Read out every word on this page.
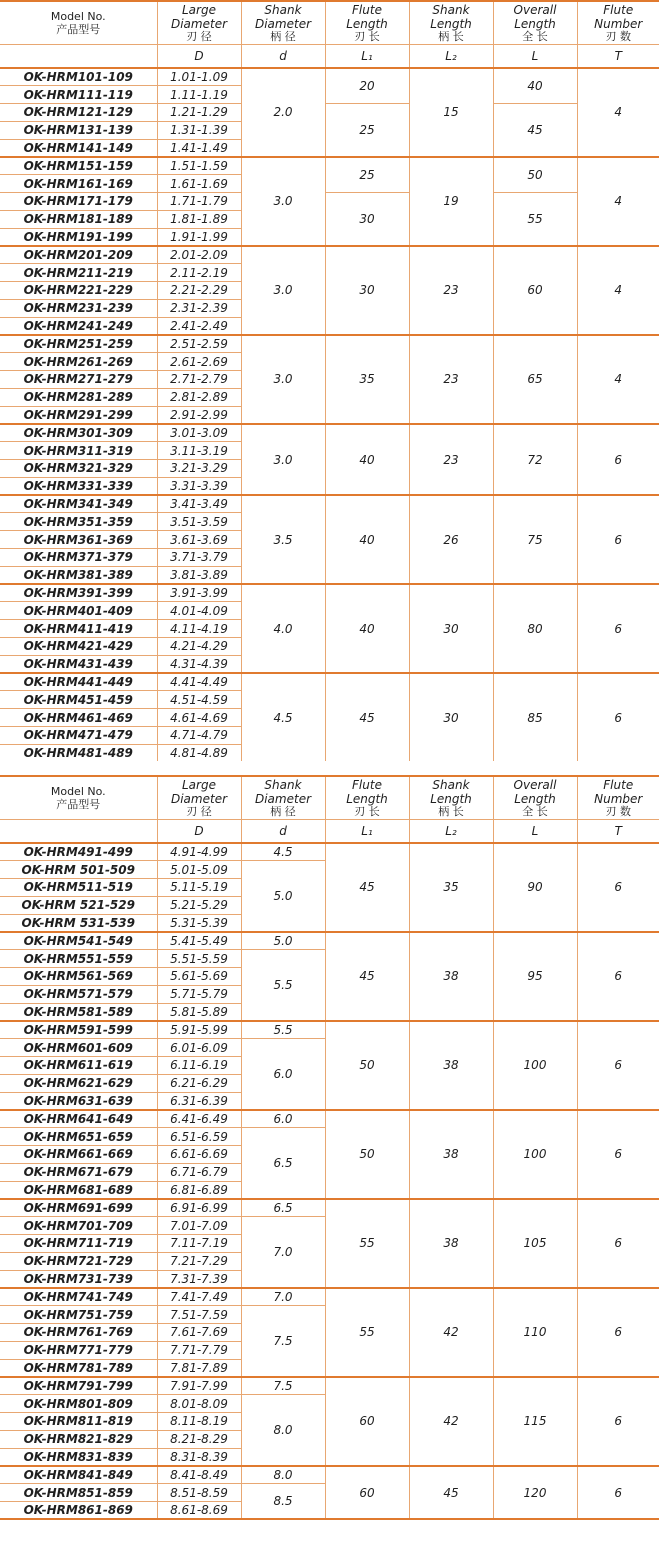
Model No.
产品型号	Large
Diameter
刃 径	Shank
Diameter
柄 径	Flute
Length
刃 长	Shank
Length
柄 长	Overall
Length
全 长	Flute
Number
刃 数

	D	d	L₁	L₂	L	T
OK-HRM101-109	1.01-1.09	2.0	20	15	40	4
OK-HRM111-119	1.11-1.19					
OK-HRM121-129	1.21-1.29		25		45	
OK-HRM131-139	1.31-1.39					
OK-HRM141-149	1.41-1.49					
OK-HRM151-159	1.51-1.59	3.0	25	19	50	4
OK-HRM161-169	1.61-1.69					
OK-HRM171-179	1.71-1.79		30		55	
OK-HRM181-189	1.81-1.89					
OK-HRM191-199	1.91-1.99					
OK-HRM201-209	2.01-2.09	3.0	30	23	60	4
OK-HRM211-219	2.11-2.19					
OK-HRM221-229	2.21-2.29					
OK-HRM231-239	2.31-2.39					
OK-HRM241-249	2.41-2.49					
OK-HRM251-259	2.51-2.59	3.0	35	23	65	4
OK-HRM261-269	2.61-2.69					
OK-HRM271-279	2.71-2.79					
OK-HRM281-289	2.81-2.89					
OK-HRM291-299	2.91-2.99					
OK-HRM301-309	3.01-3.09	3.0	40	23	72	6
OK-HRM311-319	3.11-3.19					
OK-HRM321-329	3.21-3.29					
OK-HRM331-339	3.31-3.39					
OK-HRM341-349	3.41-3.49	3.5	40	26	75	6
OK-HRM351-359	3.51-3.59					
OK-HRM361-369	3.61-3.69					
OK-HRM371-379	3.71-3.79					
OK-HRM381-389	3.81-3.89					
OK-HRM391-399	3.91-3.99	4.0	40	30	80	6
OK-HRM401-409	4.01-4.09					
OK-HRM411-419	4.11-4.19					
OK-HRM421-429	4.21-4.29					
OK-HRM431-439	4.31-4.39					
OK-HRM441-449	4.41-4.49	4.5	45	30	85	6
OK-HRM451-459	4.51-4.59					
OK-HRM461-469	4.61-4.69					
OK-HRM471-479	4.71-4.79					
OK-HRM481-489	4.81-4.89					
Model No.
产品型号	Large
Diameter
刃 径	Shank
Diameter
柄 径	Flute
Length
刃 长	Shank
Length
柄 长	Overall
Length
全 长	Flute
Number
刃 数

	D	d	L₁	L₂	L	T
OK-HRM491-499	4.91-4.99	4.5	45	35	90	6
OK-HRM 501-509	5.01-5.09	5.0				
OK-HRM511-519	5.11-5.19					
OK-HRM 521-529	5.21-5.29					
OK-HRM 531-539	5.31-5.39					
OK-HRM541-549	5.41-5.49	5.0	45	38	95	6
OK-HRM551-559	5.51-5.59	5.5				
OK-HRM561-569	5.61-5.69					
OK-HRM571-579	5.71-5.79					
OK-HRM581-589	5.81-5.89					
OK-HRM591-599	5.91-5.99	5.5	50	38	100	6
OK-HRM601-609	6.01-6.09	6.0				
OK-HRM611-619	6.11-6.19					
OK-HRM621-629	6.21-6.29					
OK-HRM631-639	6.31-6.39					
OK-HRM641-649	6.41-6.49	6.0	50	38	100	6
OK-HRM651-659	6.51-6.59	6.5				
OK-HRM661-669	6.61-6.69					
OK-HRM671-679	6.71-6.79					
OK-HRM681-689	6.81-6.89					
OK-HRM691-699	6.91-6.99	6.5	55	38	105	6
OK-HRM701-709	7.01-7.09	7.0				
OK-HRM711-719	7.11-7.19					
OK-HRM721-729	7.21-7.29					
OK-HRM731-739	7.31-7.39					
OK-HRM741-749	7.41-7.49	7.0	55	42	110	6
OK-HRM751-759	7.51-7.59	7.5				
OK-HRM761-769	7.61-7.69					
OK-HRM771-779	7.71-7.79					
OK-HRM781-789	7.81-7.89					
OK-HRM791-799	7.91-7.99	7.5	60	42	115	6
OK-HRM801-809	8.01-8.09	8.0				
OK-HRM811-819	8.11-8.19					
OK-HRM821-829	8.21-8.29					
OK-HRM831-839	8.31-8.39					
OK-HRM841-849	8.41-8.49	8.0	60	45	120	6
OK-HRM851-859	8.51-8.59	8.5				
OK-HRM861-869	8.61-8.69					
